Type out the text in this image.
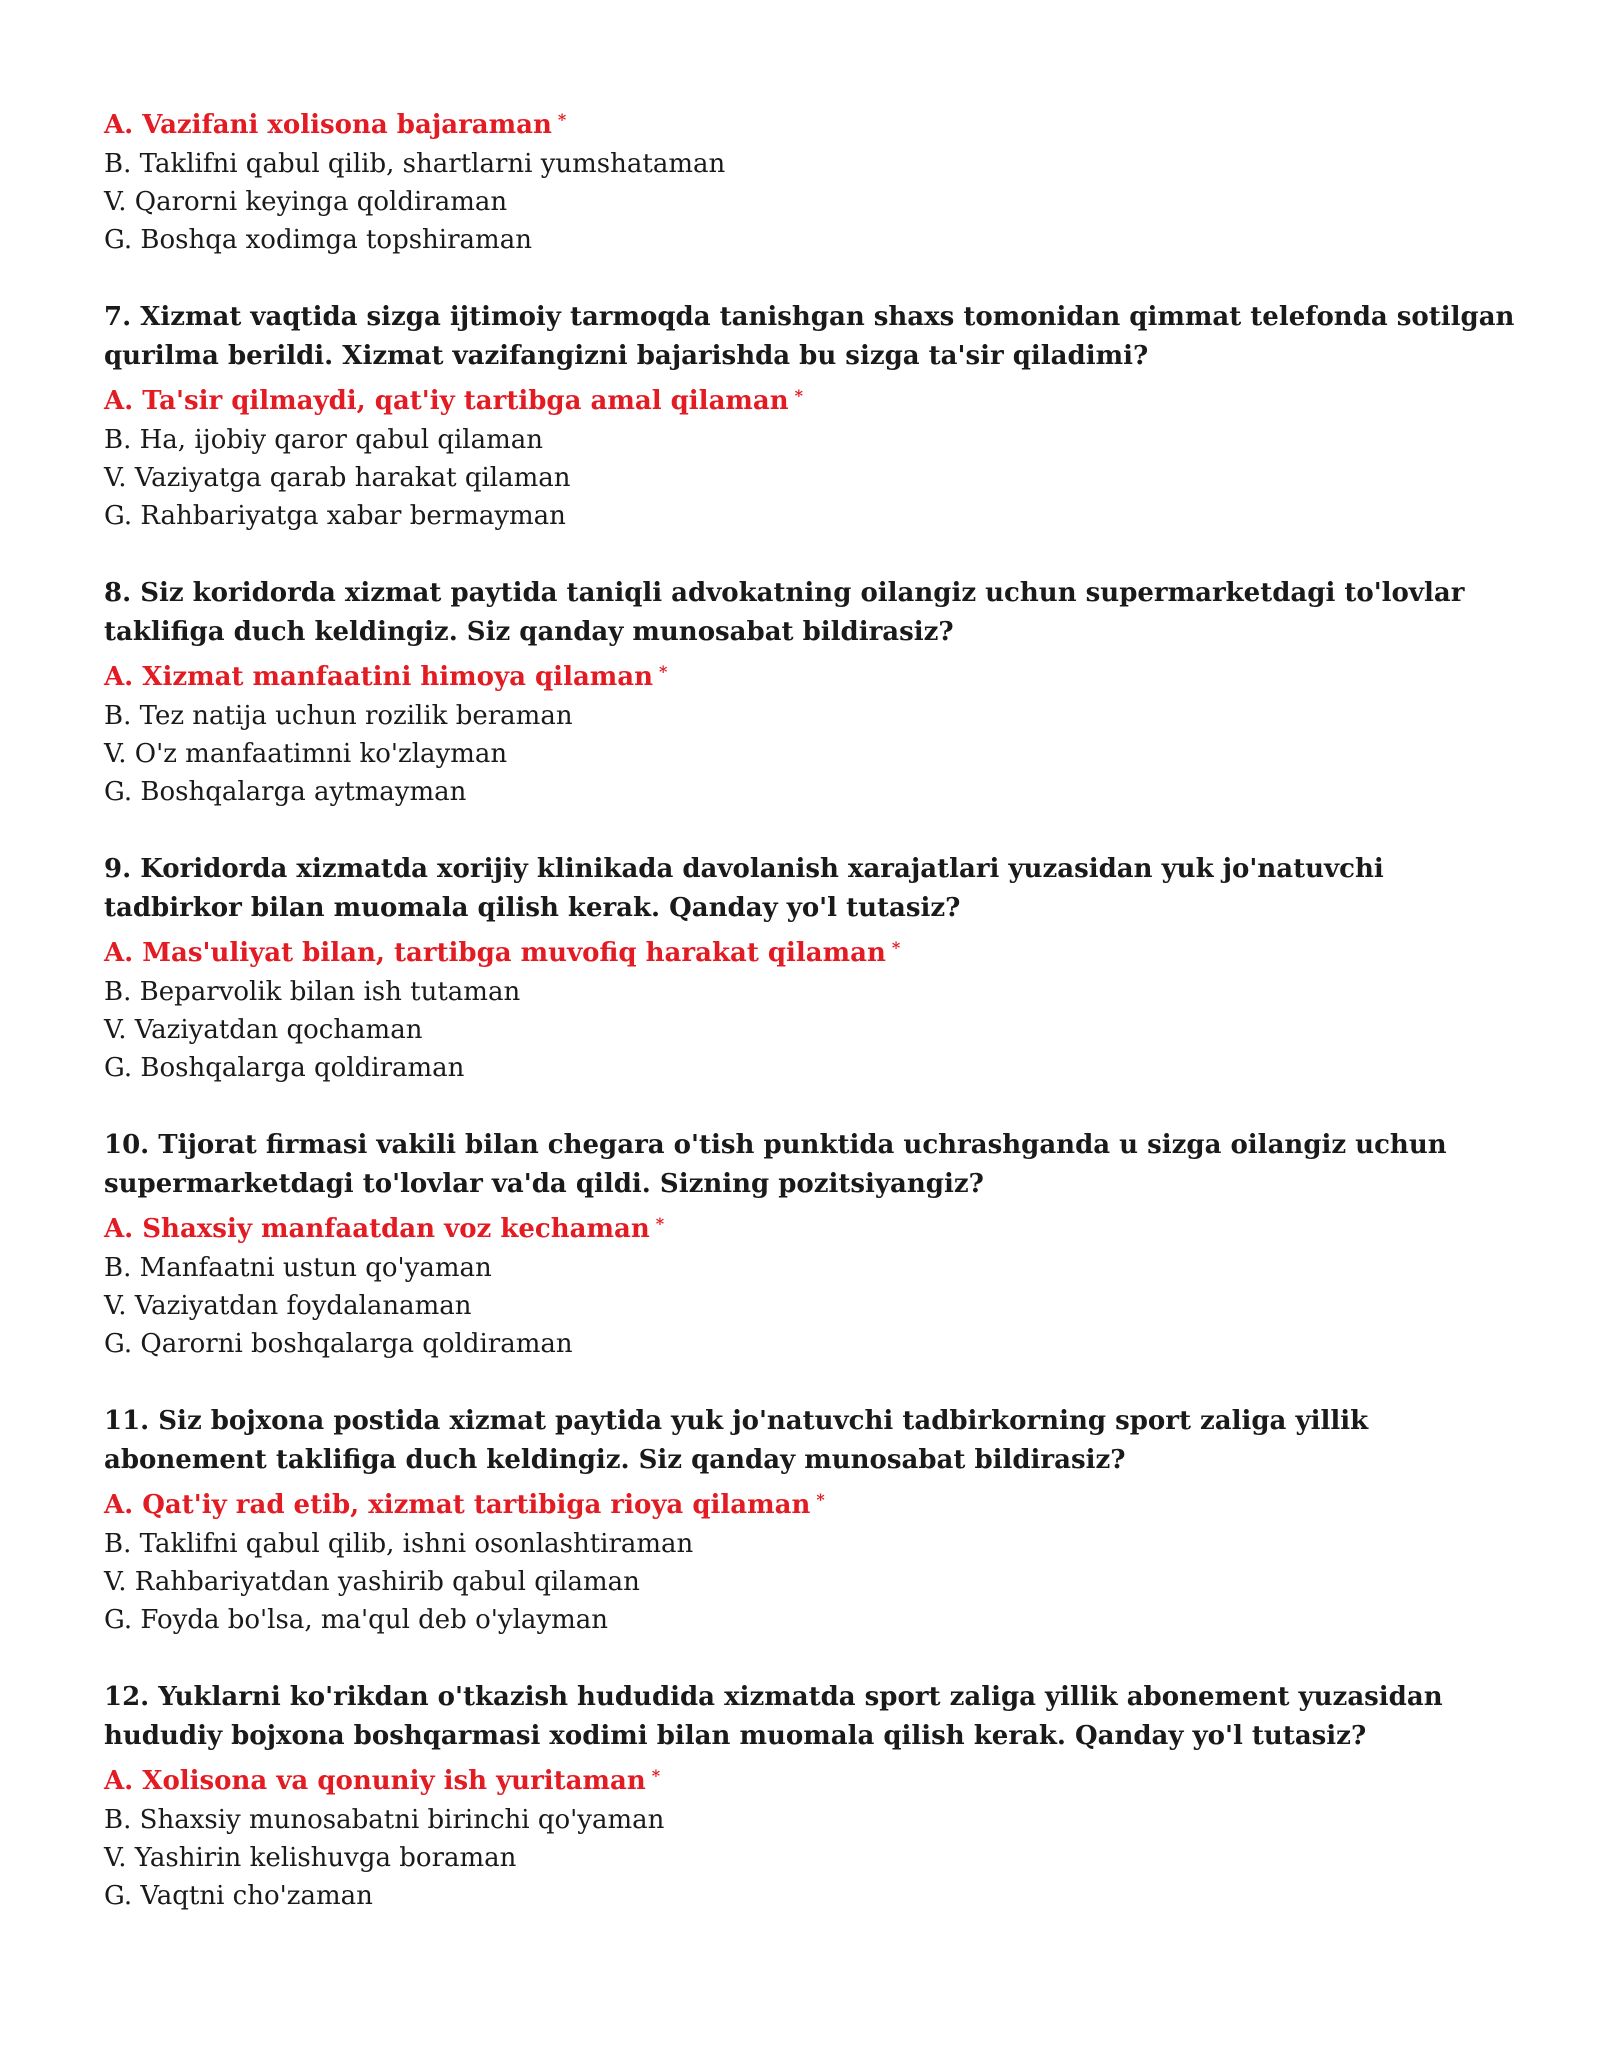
A. Vazifani xolisona bajaraman *

B. Taklifni qabul qilib, shartlarni yumshataman

V. Qarorni keyinga qoldiraman

G. Boshqa xodimga topshiraman

7. Xizmat vaqtida sizga ijtimoiy tarmoqda tanishgan shaxs tomonidan qimmat telefonda sotilgan qurilma berildi. Xizmat vazifangizni bajarishda bu sizga ta'sir qiladimi?

A. Ta'sir qilmaydi, qat'iy tartibga amal qilaman *

B. Ha, ijobiy qaror qabul qilaman

V. Vaziyatga qarab harakat qilaman

G. Rahbariyatga xabar bermayman

8. Siz koridorda xizmat paytida taniqli advokatning oilangiz uchun supermarketdagi to'lovlar taklifiga duch keldingiz. Siz qanday munosabat bildirasiz?

A. Xizmat manfaatini himoya qilaman *

B. Tez natija uchun rozilik beraman

V. O'z manfaatimni ko'zlayman

G. Boshqalarga aytmayman

9. Koridorda xizmatda xorijiy klinikada davolanish xarajatlari yuzasidan yuk jo'natuvchi tadbirkor bilan muomala qilish kerak. Qanday yo'l tutasiz?

A. Mas'uliyat bilan, tartibga muvofiq harakat qilaman *

B. Beparvolik bilan ish tutaman

V. Vaziyatdan qochaman

G. Boshqalarga qoldiraman

10. Tijorat firmasi vakili bilan chegara o'tish punktida uchrashganda u sizga oilangiz uchun supermarketdagi to'lovlar va'da qildi. Sizning pozitsiyangiz?

A. Shaxsiy manfaatdan voz kechaman *

B. Manfaatni ustun qo'yaman

V. Vaziyatdan foydalanaman

G. Qarorni boshqalarga qoldiraman

11. Siz bojxona postida xizmat paytida yuk jo'natuvchi tadbirkorning sport zaliga yillik abonement taklifiga duch keldingiz. Siz qanday munosabat bildirasiz?

A. Qat'iy rad etib, xizmat tartibiga rioya qilaman *

B. Taklifni qabul qilib, ishni osonlashtiraman

V. Rahbariyatdan yashirib qabul qilaman

G. Foyda bo'lsa, ma'qul deb o'ylayman

12. Yuklarni ko'rikdan o'tkazish hududida xizmatda sport zaliga yillik abonement yuzasidan hududiy bojxona boshqarmasi xodimi bilan muomala qilish kerak. Qanday yo'l tutasiz?

A. Xolisona va qonuniy ish yuritaman *

B. Shaxsiy munosabatni birinchi qo'yaman

V. Yashirin kelishuvga boraman

G. Vaqtni cho'zaman
